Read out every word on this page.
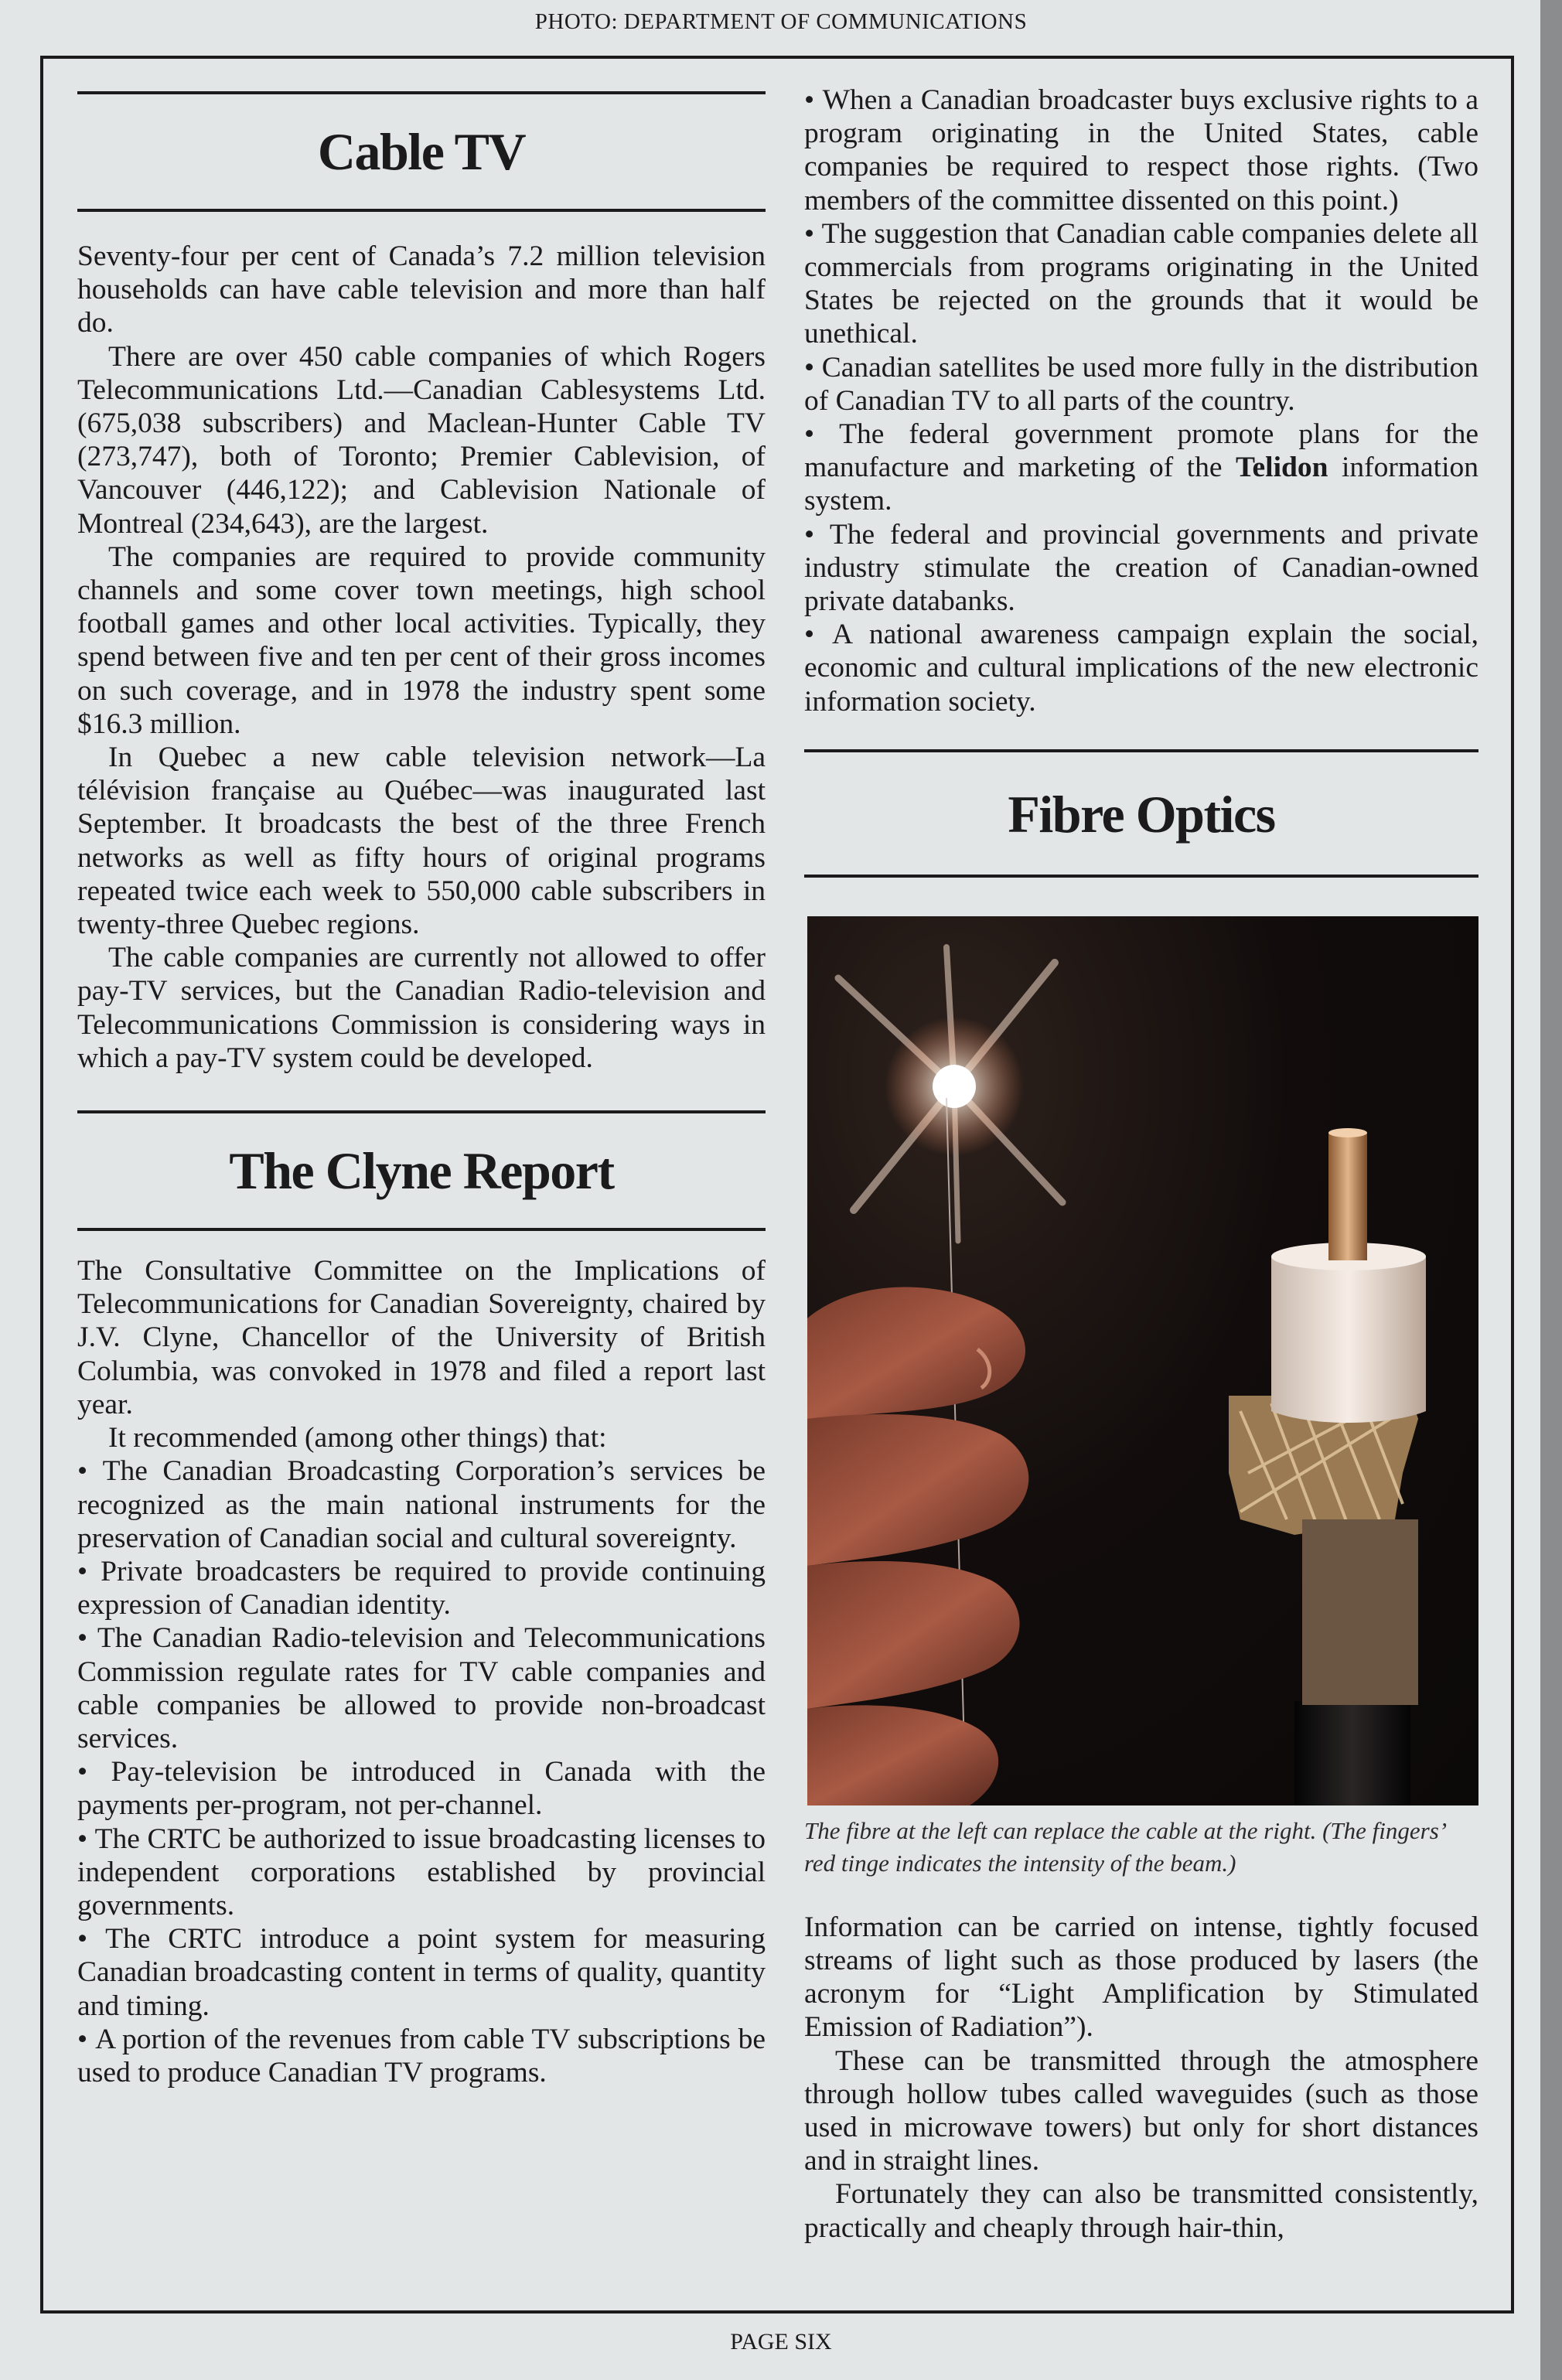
PHOTO: DEPARTMENT OF COMMUNICATIONS
Cable TV

Seventy-four per cent of Canada’s 7.2 million television households can have cable television and more than half do.

There are over 450 cable companies of which Rogers Telecommunications Ltd.—Canadian Cablesystems Ltd. (675,038 subscribers) and Maclean-Hunter Cable TV (273,747), both of Toronto; Premier Cablevision, of Vancouver (446,122); and Cablevision Nationale of Montreal (234,643), are the largest.

The companies are required to provide community channels and some cover town meetings, high school football games and other local activities. Typically, they spend between five and ten per cent of their gross incomes on such coverage, and in 1978 the industry spent some $16.3 million.

In Quebec a new cable television network—La télévision française au Québec—was inaugurated last September. It broadcasts the best of the three French networks as well as fifty hours of original programs repeated twice each week to 550,000 cable subscribers in twenty-three Quebec regions.

The cable companies are currently not allowed to offer pay-TV services, but the Canadian Radio-television and Telecommunications Commission is considering ways in which a pay-TV system could be developed.

The Clyne Report

The Consultative Committee on the Implications of Telecommunications for Canadian Sovereignty, chaired by J.V. Clyne, Chancellor of the University of British Columbia, was convoked in 1978 and filed a report last year.

It recommended (among other things) that:

• The Canadian Broadcasting Corporation’s services be recognized as the main national instruments for the preservation of Canadian social and cultural sovereignty.

• Private broadcasters be required to provide continuing expression of Canadian identity.

• The Canadian Radio-television and Telecommunications Commission regulate rates for TV cable companies and cable companies be allowed to provide non-broadcast services.

• Pay-television be introduced in Canada with the payments per-program, not per-channel.

• The CRTC be authorized to issue broadcasting licenses to independent corporations established by provincial governments.

• The CRTC introduce a point system for measuring Canadian broadcasting content in terms of quality, quantity and timing.

• A portion of the revenues from cable TV subscriptions be used to produce Canadian TV programs.

• When a Canadian broadcaster buys exclusive rights to a program originating in the United States, cable companies be required to respect those rights. (Two members of the committee dissented on this point.)

• The suggestion that Canadian cable companies delete all commercials from programs originating in the United States be rejected on the grounds that it would be unethical.

• Canadian satellites be used more fully in the distribution of Canadian TV to all parts of the country.

• The federal government promote plans for the manufacture and marketing of the Telidon information system.

• The federal and provincial governments and private industry stimulate the creation of Canadian-owned private databanks.

• A national awareness campaign explain the social, economic and cultural implications of the new electronic information society.

Fibre Optics

The fibre at the left can replace the cable at the right. (The fingers’ red tinge indicates the intensity of the beam.)

Information can be carried on intense, tightly focused streams of light such as those produced by lasers (the acronym for “Light Amplification by Stimulated Emission of Radiation”).

These can be transmitted through the atmosphere through hollow tubes called waveguides (such as those used in microwave towers) but only for short distances and in straight lines.

Fortunately they can also be transmitted consistently, practically and cheaply through hair-thin,

PAGE SIX
